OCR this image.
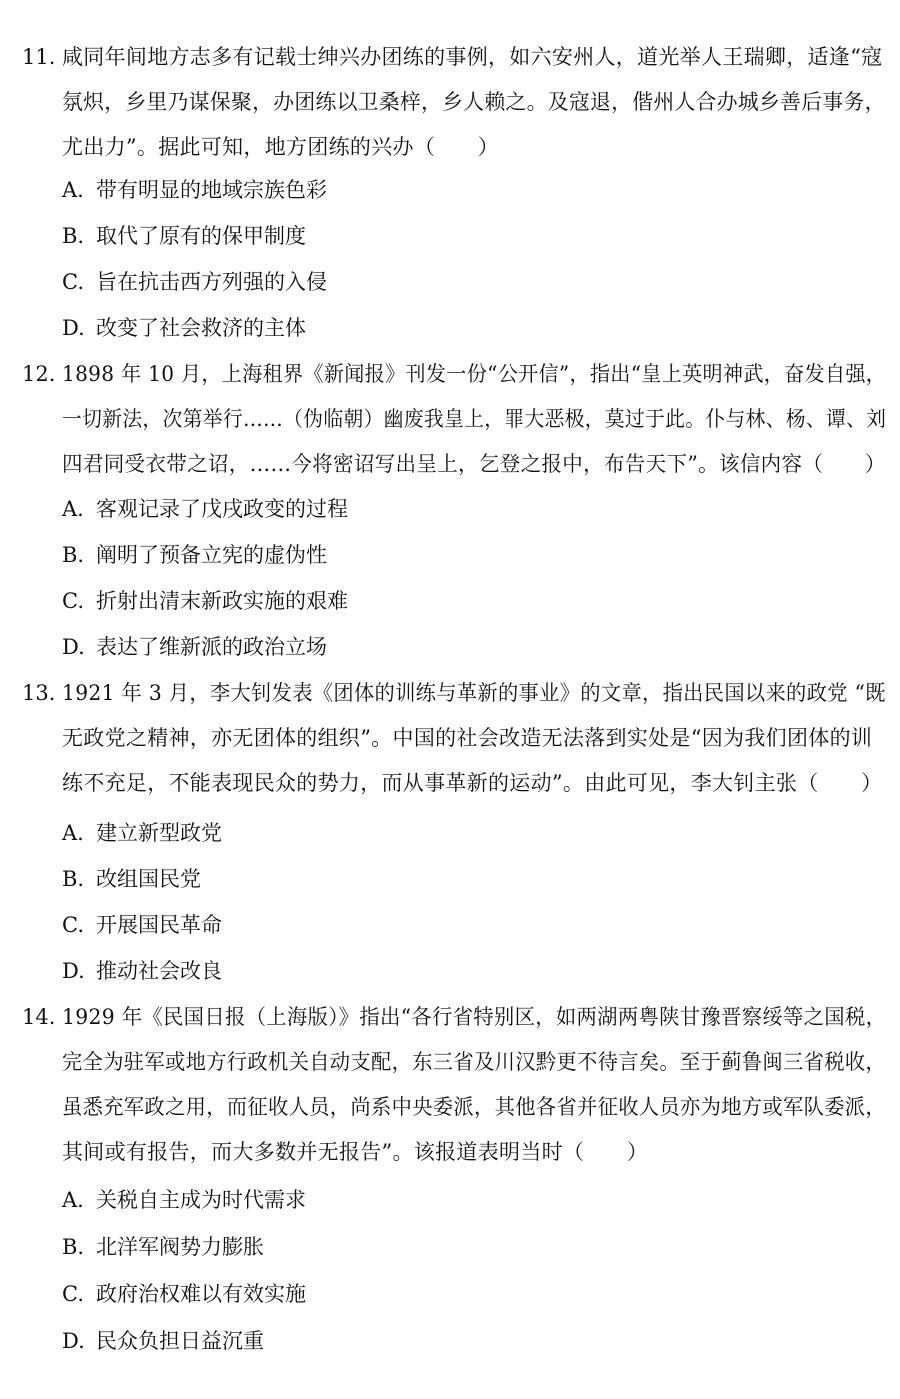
11. 咸同年间地方志多有记载士绅兴办团练的事例，如六安州人，道光举人王瑞卿，适逢“寇
氛炽，乡里乃谋保聚，办团练以卫桑梓，乡人赖之。及寇退，偕州人合办城乡善后事务，
尤出力”。据此可知，地方团练的兴办（　　）
A. 带有明显的地域宗族色彩
B. 取代了原有的保甲制度
C. 旨在抗击西方列强的入侵
D. 改变了社会救济的主体
12. 1898 年 10 月，上海租界《新闻报》刊发一份“公开信”，指出“皇上英明神武，奋发自强，
一切新法，次第举行……（伪临朝）幽废我皇上，罪大恶极，莫过于此。仆与林、杨、谭、刘
四君同受衣带之诏，……今将密诏写出呈上，乞登之报中，布告天下”。该信内容（　　）
A. 客观记录了戊戌政变的过程
B. 阐明了预备立宪的虚伪性
C. 折射出清末新政实施的艰难
D. 表达了维新派的政治立场
13. 1921 年 3 月，李大钊发表《团体的训练与革新的事业》的文章，指出民国以来的政党 “既
无政党之精神，亦无团体的组织”。中国的社会改造无法落到实处是“因为我们团体的训
练不充足，不能表现民众的势力，而从事革新的运动”。由此可见，李大钊主张（　　）
A. 建立新型政党
B. 改组国民党
C. 开展国民革命
D. 推动社会改良
14. 1929 年《民国日报（上海版）》指出“各行省特别区，如两湖两粤陕甘豫晋察绥等之国税，
完全为驻军或地方行政机关自动支配，东三省及川汉黔更不待言矣。至于蓟鲁闽三省税收，
虽悉充军政之用，而征收人员，尚系中央委派，其他各省并征收人员亦为地方或军队委派，
其间或有报告，而大多数并无报告”。该报道表明当时（　　）
A. 关税自主成为时代需求
B. 北洋军阀势力膨胀
C. 政府治权难以有效实施
D. 民众负担日益沉重
